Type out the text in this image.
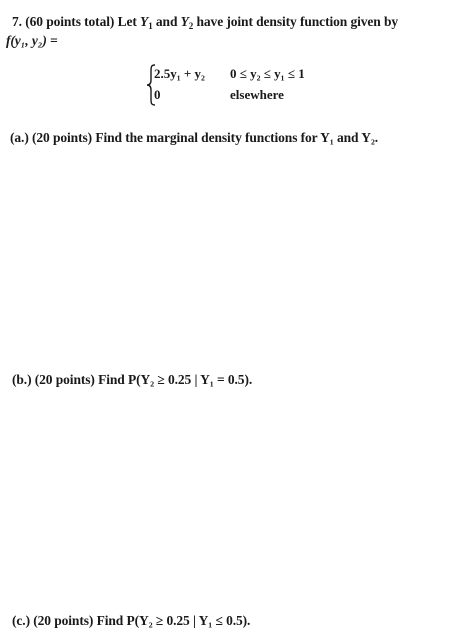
7. (60 points total) Let $Y_1$ and $Y_2$ have joint density function given by
f(y₁, y₂) =
2.5y₁ + y₂ 0 ≤ y₂ ≤ y₁ ≤ 1
0	elsewhere
(a.) (20 points) Find the marginal density functions for Y₁ and Y₂.
(b.) (20 points) Find P(Y₂ ≥ 0.25 | Y₁ = 0.5).
(c.) (20 points) Find P(Y₂ ≥ 0.25 | Y₁ ≤ 0.5).
